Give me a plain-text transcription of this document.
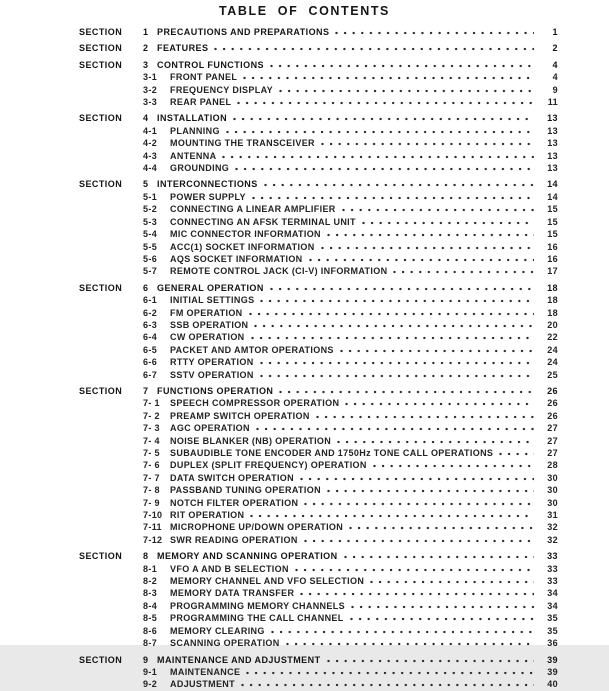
TABLE OF CONTENTS
SECTION	1 PRECAUTIONS AND PREPARATIONS	1
SECTION	2 FEATURES	2
SECTION	3 CONTROL FUNCTIONS	4
3-1	FRONT PANEL	4
3-2	FREQUENCY DISPLAY	9
3-3	REAR PANEL	11
SECTION	4 INSTALLATION	13
4-1	PLANNING	13
4-2	MOUNTING THE TRANSCEIVER	13
4-3	ANTENNA	13
4-4	GROUNDING	13
SECTION	5 INTERCONNECTIONS	14
5-1	POWER SUPPLY	14
5-2	CONNECTING A LINEAR AMPLIFIER	15
5-3	CONNECTING AN AFSK TERMINAL UNIT	15
5-4	MIC CONNECTOR INFORMATION	15
5-5	ACC(1) SOCKET INFORMATION	16
5-6	AQS SOCKET INFORMATION	16
5-7	REMOTE CONTROL JACK (CI-V) INFORMATION	17
SECTION	6 GENERAL OPERATION	18
6-1	INITIAL SETTINGS	18
6-2	FM OPERATION	18
6-3	SSB OPERATION	20
6-4	CW OPERATION	22
6-5	PACKET AND AMTOR OPERATIONS	24
6-6	RTTY OPERATION	24
6-7	SSTV OPERATION	25
SECTION	7 FUNCTIONS OPERATION	26
7- 1	SPEECH COMPRESSOR OPERATION	26
7- 2	PREAMP SWITCH OPERATION	26
7- 3	AGC OPERATION	27
7- 4	NOISE BLANKER (NB) OPERATION	27
7- 5	SUBAUDIBLE TONE ENCODER AND 1750Hz TONE CALL OPERATIONS	27
7- 6	DUPLEX (SPLIT FREQUENCY) OPERATION	28
7- 7	DATA SWITCH OPERATION	30
7- 8	PASSBAND TUNING OPERATION	30
7- 9	NOTCH FILTER OPERATION	30
7-10 RIT OPERATION	31
7-11 MICROPHONE UP/DOWN OPERATION	32
7-12 SWR READING OPERATION	32
SECTION	8 MEMORY AND SCANNING OPERATION	33
8-1	VFO A AND B SELECTION	33
8-2	MEMORY CHANNEL AND VFO SELECTION	33
8-3	MEMORY DATA TRANSFER	34
8-4	PROGRAMMING MEMORY CHANNELS	34
8-5	PROGRAMMING THE CALL CHANNEL	35
8-6	MEMORY CLEARING	35
8-7	SCANNING OPERATION	36
SECTION	9 MAINTENANCE AND ADJUSTMENT	39
9-1	MAINTENANCE	39
9-2	ADJUSTMENT	40
